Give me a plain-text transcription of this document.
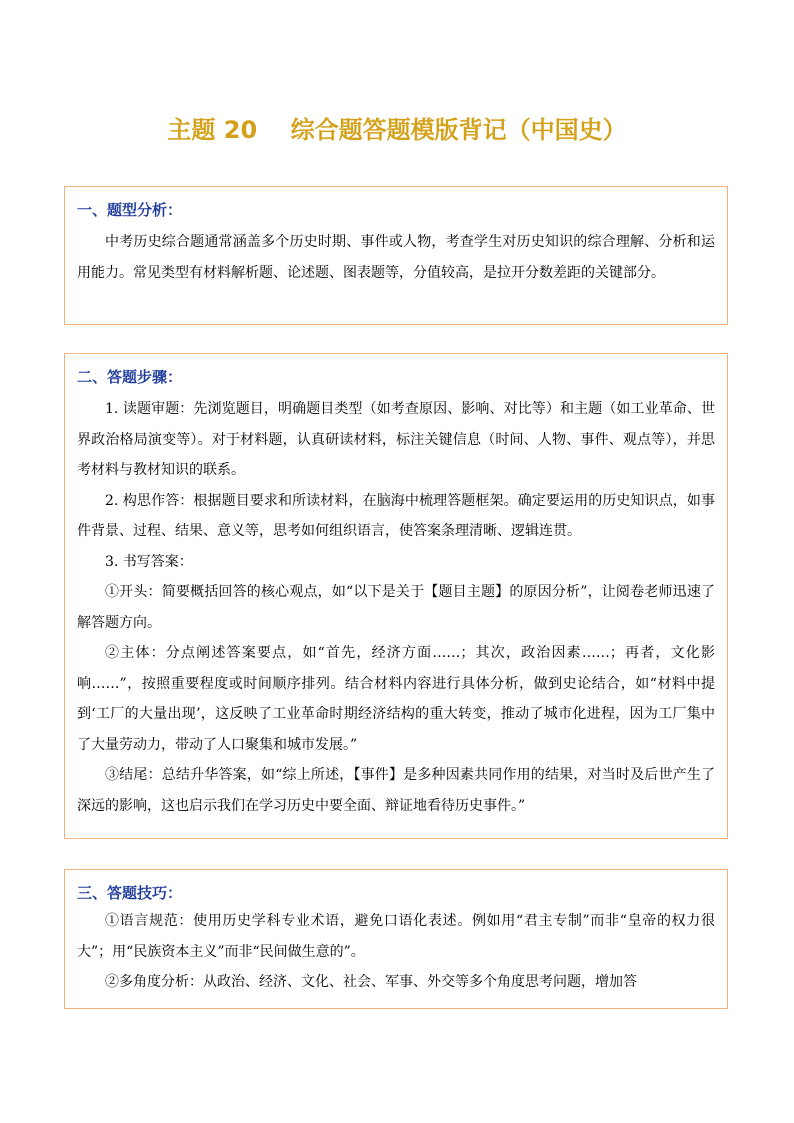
主题 20    综合题答题模版背记（中国史）
一、题型分析：

中考历史综合题通常涵盖多个历史时期、事件或人物，考查学生对历史知识的综合理解、分析和运用能力。常见类型有材料解析题、论述题、图表题等，分值较高，是拉开分数差距的关键部分。

二、答题步骤：

1. 读题审题：先浏览题目，明确题目类型（如考查原因、影响、对比等）和主题（如工业革命、世界政治格局演变等）。对于材料题，认真研读材料，标注关键信息（时间、人物、事件、观点等），并思考材料与教材知识的联系。

2. 构思作答：根据题目要求和所读材料，在脑海中梳理答题框架。确定要运用的历史知识点，如事件背景、过程、结果、意义等，思考如何组织语言，使答案条理清晰、逻辑连贯。

3. 书写答案：

①开头：简要概括回答的核心观点，如“以下是关于【题目主题】的原因分析”，让阅卷老师迅速了解答题方向。

②主体：分点阐述答案要点，如“首先，经济方面……；其次，政治因素……；再者，文化影响……”，按照重要程度或时间顺序排列。结合材料内容进行具体分析，做到史论结合，如“材料中提到‘工厂的大量出现’，这反映了工业革命时期经济结构的重大转变，推动了城市化进程，因为工厂集中了大量劳动力，带动了人口聚集和城市发展。”

③结尾：总结升华答案，如“综上所述，【事件】是多种因素共同作用的结果，对当时及后世产生了深远的影响，这也启示我们在学习历史中要全面、辩证地看待历史事件。”

三、答题技巧：

①语言规范：使用历史学科专业术语，避免口语化表述。例如用“君主专制”而非“皇帝的权力很大”；用“民族资本主义”而非“民间做生意的”。

②多角度分析：从政治、经济、文化、社会、军事、外交等多个角度思考问题，增加答
